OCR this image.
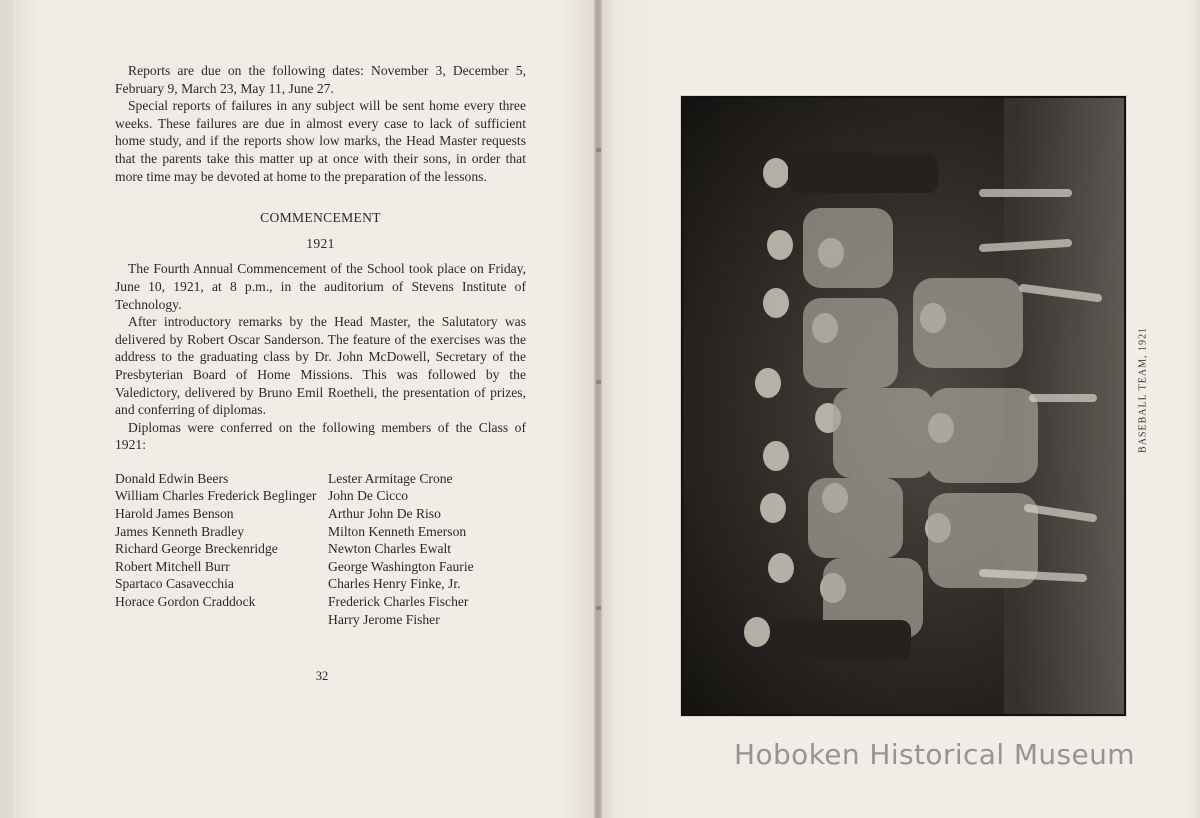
Reports are due on the following dates: November 3, December 5, February 9, March 23, May 11, June 27.

Special reports of failures in any subject will be sent home every three weeks. These failures are due in almost every case to lack of sufficient home study, and if the reports show low marks, the Head Master requests that the parents take this matter up at once with their sons, in order that more time may be devoted at home to the preparation of the lessons.

COMMENCEMENT

1921

The Fourth Annual Commencement of the School took place on Friday, June 10, 1921, at 8 p.m., in the auditorium of Stevens Institute of Technology.

After introductory remarks by the Head Master, the Salutatory was delivered by Robert Oscar Sanderson. The feature of the exercises was the address to the graduating class by Dr. John McDowell, Secretary of the Presbyterian Board of Home Missions. This was followed by the Valedictory, delivered by Bruno Emil Roetheli, the presentation of prizes, and conferring of diplomas.

Diplomas were conferred on the following members of the Class of 1921:

Donald Edwin Beers
William Charles Frederick Beglinger
Harold James Benson
James Kenneth Bradley
Richard George Breckenridge
Robert Mitchell Burr
Spartaco Casavecchia
Horace Gordon Craddock
Lester Armitage Crone
John De Cicco
Arthur John De Riso
Milton Kenneth Emerson
Newton Charles Ewalt
George Washington Faurie
Charles Henry Finke, Jr.
Frederick Charles Fischer
Harry Jerome Fisher
32
BASEBALL TEAM, 1921
Hoboken Historical Museum
